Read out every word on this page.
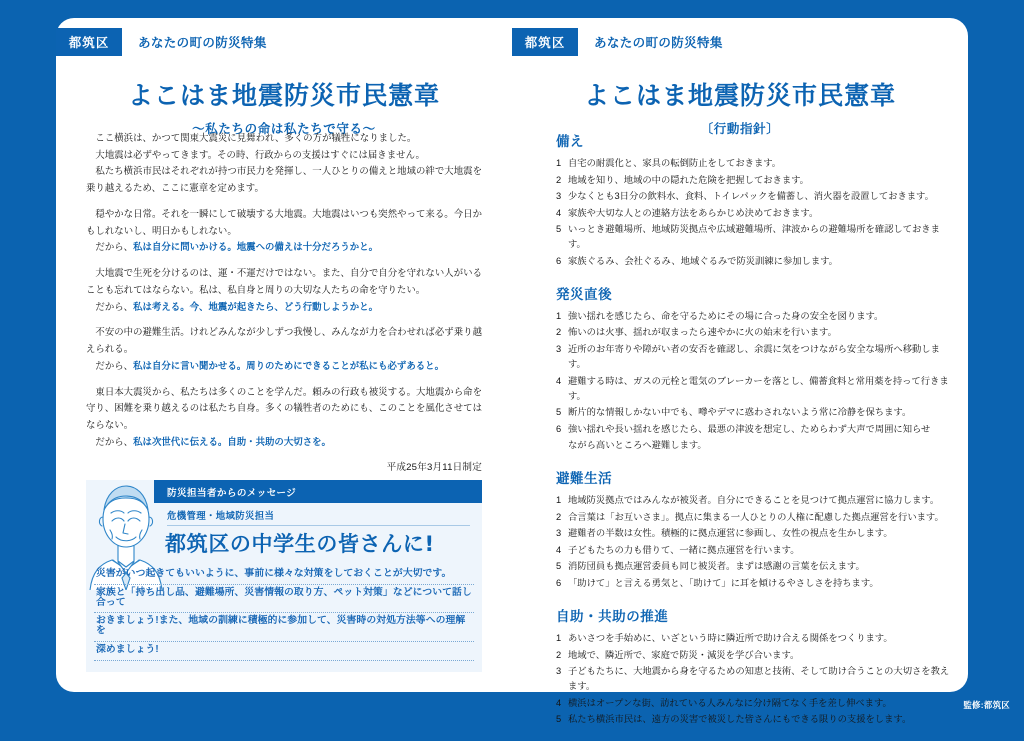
都筑区	あなたの町の防災特集
よこはま地震防災市民憲章
〜私たちの命は私たちで守る〜

ここ横浜は、かつて関東大震災に見舞われ、多くの方が犠牲になりました。

大地震は必ずやってきます。その時、行政からの支援はすぐには届きません。

私たち横浜市民はそれぞれが持つ市民力を発揮し、一人ひとりの備えと地域の絆で大地震を乗り越えるため、ここに憲章を定めます。

穏やかな日常。それを一瞬にして破壊する大地震。大地震はいつも突然やって来る。今日かもしれないし、明日かもしれない。

だから、私は自分に問いかける。地震への備えは十分だろうかと。

大地震で生死を分けるのは、運・不運だけではない。また、自分で自分を守れない人がいることも忘れてはならない。私は、私自身と周りの大切な人たちの命を守りたい。

だから、私は考える。今、地震が起きたら、どう行動しようかと。

不安の中の避難生活。けれどみんなが少しずつ我慢し、みんなが力を合わせれば必ず乗り越えられる。

だから、私は自分に言い聞かせる。周りのためにできることが私にも必ずあると。

東日本大震災から、私たちは多くのことを学んだ。頼みの行政も被災する。大地震から命を守り、困難を乗り越えるのは私たち自身。多くの犠牲者のためにも、このことを風化させてはならない。

だから、私は次世代に伝える。自助・共助の大切さを。

平成25年3月11日制定
防災担当者からのメッセージ
危機管理・地域防災担当
都筑区の中学生の皆さんに!
災害がいつ起きてもいいように、事前に様々な対策をしておくことが大切です。
家族と「持ち出し品、避難場所、災害情報の取り方、ペット対策」などについて話し合って
おきましょう!また、地域の訓練に積極的に参加して、災害時の対処方法等への理解を
深めましょう!
都筑区	あなたの町の防災特集
よこはま地震防災市民憲章
〔行動指針〕
備え
1 自宅の耐震化と、家具の転倒防止をしておきます。
2 地域を知り、地域の中の隠れた危険を把握しておきます。
3 少なくとも3日分の飲料水、食料、トイレパックを備蓄し、消火器を設置しておきます。
4 家族や大切な人との連絡方法をあらかじめ決めておきます。
5 いっとき避難場所、地域防災拠点や広域避難場所、津波からの避難場所を確認しておきます。
6 家族ぐるみ、会社ぐるみ、地域ぐるみで防災訓練に参加します。
発災直後
1 強い揺れを感じたら、命を守るためにその場に合った身の安全を図ります。
2 怖いのは火事、揺れが収まったら速やかに火の始末を行います。
3 近所のお年寄りや障がい者の安否を確認し、余震に気をつけながら安全な場所へ移動します。
4 避難する時は、ガスの元栓と電気のブレーカーを落とし、備蓄食料と常用薬を持って行きます。
5 断片的な情報しかない中でも、噂やデマに惑わされないよう常に冷静を保ちます。
6 強い揺れや長い揺れを感じたら、最悪の津波を想定し、ためらわず大声で周囲に知らせ
ながら高いところへ避難します。
避難生活
1 地域防災拠点ではみんなが被災者。自分にできることを見つけて拠点運営に協力します。
2 合言葉は「お互いさま」。拠点に集まる一人ひとりの人権に配慮した拠点運営を行います。
3 避難者の半数は女性。積極的に拠点運営に参画し、女性の視点を生かします。
4 子どもたちの力も借りて、一緒に拠点運営を行います。
5 消防団員も拠点運営委員も同じ被災者。まずは感謝の言葉を伝えます。
6 「助けて」と言える勇気と、「助けて」に耳を傾けるやさしさを持ちます。
自助・共助の推進
1 あいさつを手始めに、いざという時に隣近所で助け合える関係をつくります。
2 地域で、隣近所で、家庭で防災・減災を学び合います。
3 子どもたちに、大地震から身を守るための知恵と技術、そして助け合うことの大切さを教えます。
4 横浜はオープンな街、訪れている人みんなに分け隔てなく手を差し伸べます。
5 私たち横浜市民は、遠方の災害で被災した皆さんにもできる限りの支援をします。
監修:都筑区
